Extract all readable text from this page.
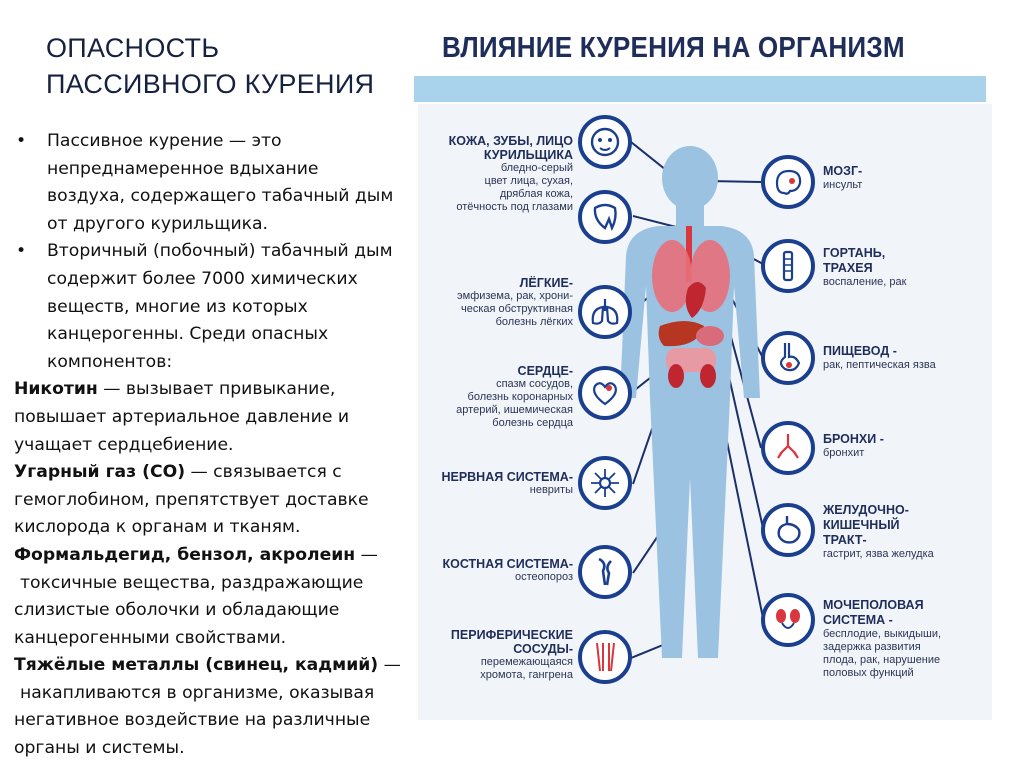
ОПАСНОСТЬ
ПАССИВНОГО КУРЕНИЯ
•	Пассивное курение — это
непреднамеренное вдыхание
воздуха, содержащего табачный дым
от другого курильщика.
•	Вторичный (побочный) табачный дым
содержит более 7000 химических
веществ, многие из которых
канцерогенны. Среди опасных
компонентов:
Никотин — вызывает привыкание,
повышает артериальное давление и
учащает сердцебиение.
Угарный газ (СО) — связывается с
гемоглобином, препятствует доставке
кислорода к органам и тканям.
Формальдегид, бензол, акролеин —
токсичные вещества, раздражающие
слизистые оболочки и обладающие
канцерогенными свойствами.
Тяжёлые металлы (свинец, кадмий) —
накапливаются в организме, оказывая
негативное воздействие на различные
органы и системы.
ВЛИЯНИЕ КУРЕНИЯ НА ОРГАНИЗМ
КОЖА, ЗУБЫ, ЛИЦО
КУРИЛЬЩИКА
бледно-серый
цвет лица, сухая,
дряблая кожа,
отёчность под глазами
ЛЁГКИЕ-
эмфизема, рак, хрони-
ческая обструктивная
болезнь лёгких
СЕРДЦЕ-
спазм сосудов,
болезнь коронарных
артерий, ишемическая
болезнь сердца
НЕРВНАЯ СИСТЕМА-
невриты
КОСТНАЯ СИСТЕМА-
остеопороз
ПЕРИФЕРИЧЕСКИЕ
СОСУДЫ-
перемежающаяся
хромота, гангрена
МОЗГ-
инсульт
ГОРТАНЬ,
ТРАХЕЯ
воспаление, рак
ПИЩЕВОД -
рак, пептическая язва
БРОНХИ -
бронхит
ЖЕЛУДОЧНО-
КИШЕЧНЫЙ
ТРАКТ-
гастрит, язва желудка
МОЧЕПОЛОВАЯ
СИСТЕМА -
бесплодие, выкидыши,
задержка развития
плода, рак, нарушение
половых функций
